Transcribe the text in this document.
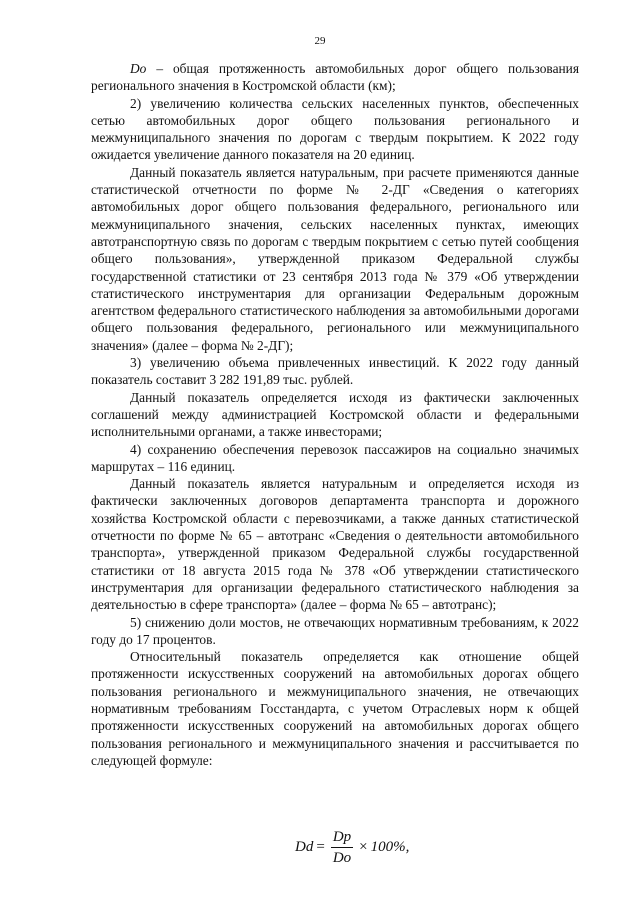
29

Do – общая протяженность автомобильных дорог общего пользования регионального значения в Костромской области (км);

2) увеличению количества сельских населенных пунктов, обеспеченных сетью автомобильных дорог общего пользования регионального и межмуниципального значения по дорогам с твердым покрытием. К 2022 году ожидается увеличение данного показателя на 20 единиц.

Данный показатель является натуральным, при расчете применяются данные статистической отчетности по форме № 2-ДГ «Сведения о категориях автомобильных дорог общего пользования федерального, регионального или межмуниципального значения, сельских населенных пунктах, имеющих автотранспортную связь по дорогам с твердым покрытием с сетью путей сообщения общего пользования», утвержденной приказом Федеральной службы государственной статистики от 23 сентября 2013 года № 379 «Об утверждении статистического инструментария для организации Федеральным дорожным агентством федерального статистического наблюдения за автомобильными дорогами общего пользования федерального, регионального или межмуниципального значения» (далее – форма № 2-ДГ);

3) увеличению объема привлеченных инвестиций. К 2022 году данный показатель составит 3 282 191,89 тыс. рублей.

Данный показатель определяется исходя из фактически заключенных соглашений между администрацией Костромской области и федеральными исполнительными органами, а также инвесторами;

4) сохранению обеспечения перевозок пассажиров на социально значимых маршрутах – 116 единиц.

Данный показатель является натуральным и определяется исходя из фактически заключенных договоров департамента транспорта и дорожного хозяйства Костромской области с перевозчиками, а также данных статистической отчетности по форме № 65 – автотранс «Сведения о деятельности автомобильного транспорта», утвержденной приказом Федеральной службы государственной статистики от 18 августа 2015 года № 378 «Об утверждении статистического инструментария для организации федерального статистического наблюдения за деятельностью в сфере транспорта» (далее – форма № 65 – автотранс);

5) снижению доли мостов, не отвечающих нормативным требованиям, к 2022 году до 17 процентов.

Относительный показатель определяется как отношение общей протяженности искусственных сооружений на автомобильных дорогах общего пользования регионального и межмуниципального значения, не отвечающих нормативным требованиям Госстандарта, с учетом Отраслевых норм к общей протяженности искусственных сооружений на автомобильных дорогах общего пользования регионального и межмуниципального значения и рассчитывается по следующей формуле:

$Dd = \frac{Dp}{Do} \times 100\%$,
